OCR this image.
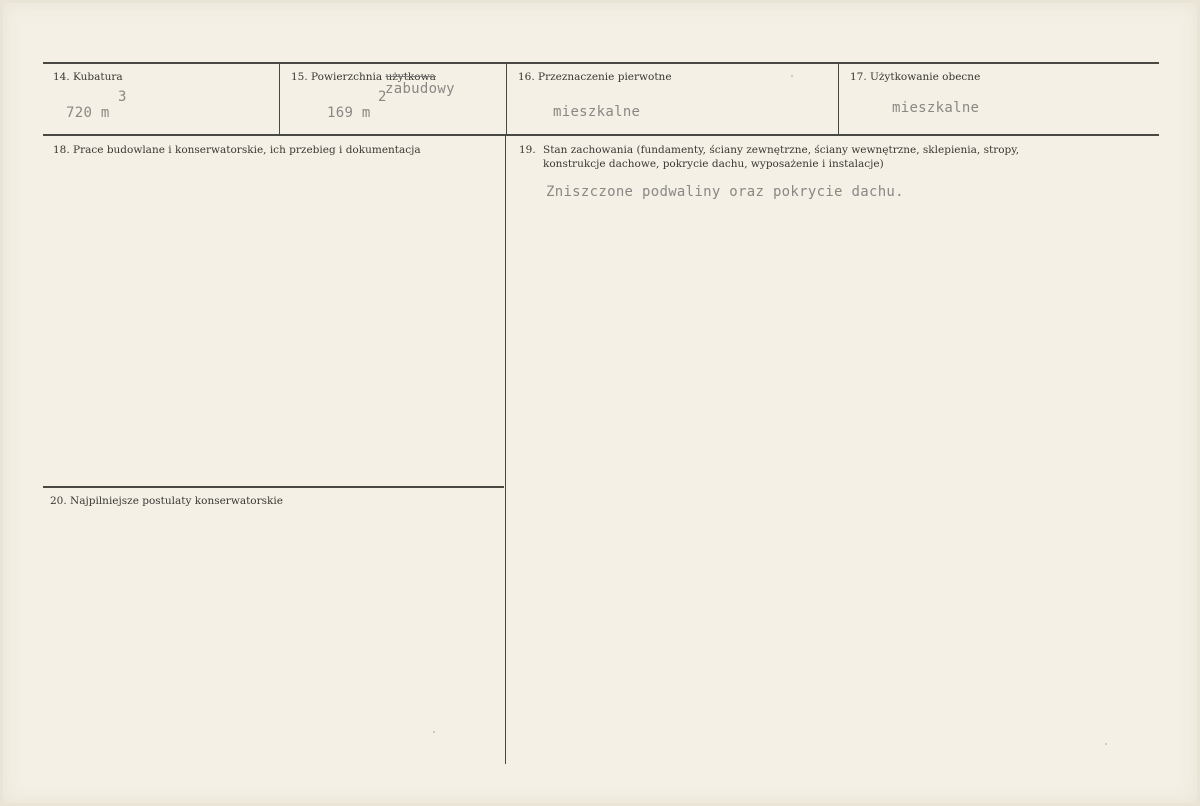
14. Kubatura
720 m
3
15. Powierzchnia użytkowa
zabudowy
169 m
2
16. Przeznaczenie pierwotne
mieszkalne
17. Użytkowanie obecne
mieszkalne
18. Prace budowlane i konserwatorskie, ich przebieg i dokumentacja	19. Stan zachowania (fundamenty, ściany zewnętrzne, ściany wewnętrzne, sklepienia, stropy,
konstrukcje dachowe, pokrycie dachu, wyposażenie i instalacje)
Zniszczone podwaliny oraz pokrycie dachu.
20. Najpilniejsze postulaty konserwatorskie
